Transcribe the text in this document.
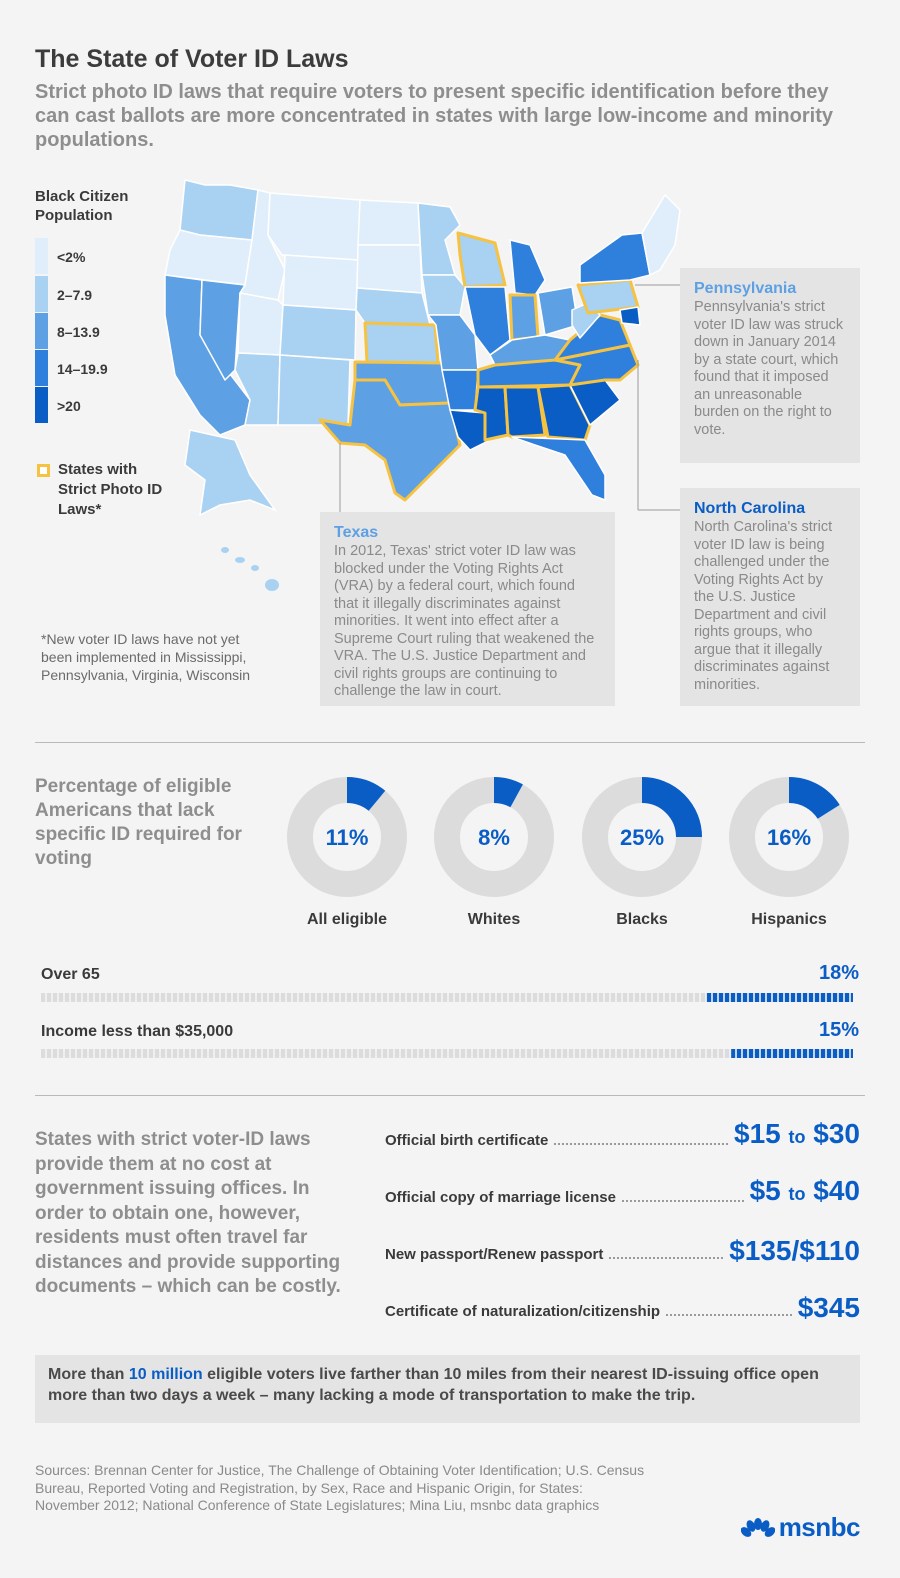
The State of Voter ID Laws
Strict photo ID laws that require voters to present specific identification before they can cast ballots are more concentrated in states with large low-income and minority populations.
Black Citizen Population
<2%
2–7.9
8–13.9
14–19.9
>20
States with Strict Photo ID Laws*
Pennsylvania

Pennsylvania's strict voter ID law was struck down in January 2014 by a state court, which found that it imposed an unreasonable burden on the right to vote.

North Carolina

North Carolina's strict voter ID law is being challenged under the Voting Rights Act by the U.S. Justice Department and civil rights groups, who argue that it illegally discriminates against minorities.

Texas

In 2012, Texas' strict voter ID law was blocked under the Voting Rights Act (VRA) by a federal court, which found that it illegally discriminates against minorities. It went into effect after a Supreme Court ruling that weakened the VRA. The U.S. Justice Department and civil rights groups are continuing to challenge the law in court.

*New voter ID laws have not yet been implemented in Mississippi, Pennsylvania, Virginia, Wisconsin
Percentage of eligible Americans that lack specific ID required for voting
11%	8%	25%	16%
All eligible	Whites	Blacks	Hispanics
Over 65	18%
Income less than $35,000	15%
States with strict voter-ID laws provide them at no cost at government issuing offices. In order to obtain one, however, residents must often travel far distances and provide supporting documents – which can be costly.
Official birth certificate	$15 to $30
Official copy of marriage license	$5 to $40
New passport/Renew passport	$135/$110
Certificate of naturalization/citizenship	$345
More than 10 million eligible voters live farther than 10 miles from their nearest ID-issuing office open more than two days a week – many lacking a mode of transportation to make the trip.
Sources: Brennan Center for Justice, The Challenge of Obtaining Voter Identification; U.S. Census Bureau, Reported Voting and Registration, by Sex, Race and Hispanic Origin, for States: November 2012; National Conference of State Legislatures; Mina Liu, msnbc data graphics
msnbc
